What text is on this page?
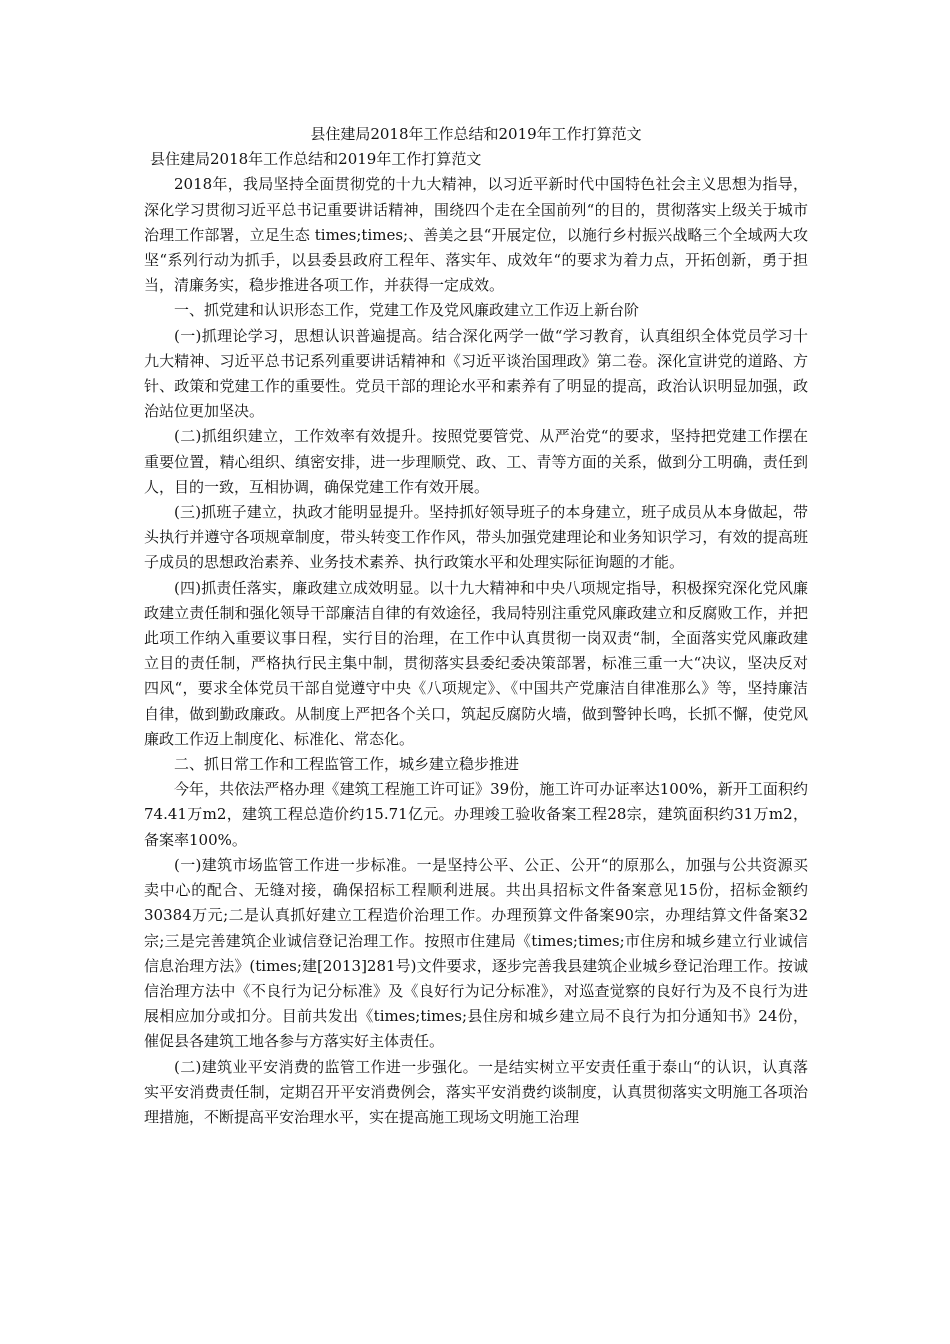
县住建局2018年工作总结和2019年工作打算范文

县住建局2018年工作总结和2019年工作打算范文

2018年，我局坚持全面贯彻党的十九大精神，以习近平新时代中国特色社会主义思想为指导，深化学习贯彻习近平总书记重要讲话精神，围绕四个走在全国前列“的目的，贯彻落实上级关于城市治理工作部署，立足生态 times;times;、善美之县“开展定位，以施行乡村振兴战略三个全域两大攻坚“系列行动为抓手，以县委县政府工程年、落实年、成效年“的要求为着力点，开拓创新，勇于担当，清廉务实，稳步推进各项工作，并获得一定成效。

一、抓党建和认识形态工作，党建工作及党风廉政建立工作迈上新台阶

(一)抓理论学习，思想认识普遍提高。结合深化两学一做“学习教育，认真组织全体党员学习十九大精神、习近平总书记系列重要讲话精神和《习近平谈治国理政》第二卷。深化宣讲党的道路、方针、政策和党建工作的重要性。党员干部的理论水平和素养有了明显的提高，政治认识明显加强，政治站位更加坚决。

(二)抓组织建立，工作效率有效提升。按照党要管党、从严治党“的要求，坚持把党建工作摆在重要位置，精心组织、缜密安排，进一步理顺党、政、工、青等方面的关系，做到分工明确，责任到人，目的一致，互相协调，确保党建工作有效开展。

(三)抓班子建立，执政才能明显提升。坚持抓好领导班子的本身建立，班子成员从本身做起，带头执行并遵守各项规章制度，带头转变工作作风，带头加强党建理论和业务知识学习，有效的提高班子成员的思想政治素养、业务技术素养、执行政策水平和处理实际征询题的才能。

(四)抓责任落实，廉政建立成效明显。以十九大精神和中央八项规定指导，积极探究深化党风廉政建立责任制和强化领导干部廉洁自律的有效途径，我局特别注重党风廉政建立和反腐败工作，并把此项工作纳入重要议事日程，实行目的治理，在工作中认真贯彻一岗双责“制，全面落实党风廉政建立目的责任制，严格执行民主集中制，贯彻落实县委纪委决策部署，标准三重一大“决议，坚决反对四风“，要求全体党员干部自觉遵守中央《八项规定》、《中国共产党廉洁自律准那么》等，坚持廉洁自律，做到勤政廉政。从制度上严把各个关口，筑起反腐防火墙，做到警钟长鸣，长抓不懈，使党风廉政工作迈上制度化、标准化、常态化。

二、抓日常工作和工程监管工作，城乡建立稳步推进

今年，共依法严格办理《建筑工程施工许可证》39份，施工许可办证率达100%，新开工面积约74.41万m2，建筑工程总造价约15.71亿元。办理竣工验收备案工程28宗，建筑面积约31万m2，备案率100%。

(一)建筑市场监管工作进一步标准。一是坚持公平、公正、公开“的原那么，加强与公共资源买卖中心的配合、无缝对接，确保招标工程顺利进展。共出具招标文件备案意见15份，招标金额约30384万元;二是认真抓好建立工程造价治理工作。办理预算文件备案90宗，办理结算文件备案32宗;三是完善建筑企业诚信登记治理工作。按照市住建局《times;times;市住房和城乡建立行业诚信信息治理方法》(times;建[2013]281号)文件要求，逐步完善我县建筑企业城乡登记治理工作。按诚信治理方法中《不良行为记分标准》及《良好行为记分标准》，对巡查觉察的良好行为及不良行为进展相应加分或扣分。目前共发出《times;times;县住房和城乡建立局不良行为扣分通知书》24份，催促县各建筑工地各参与方落实好主体责任。

(二)建筑业平安消费的监管工作进一步强化。一是结实树立平安责任重于泰山“的认识，认真落实平安消费责任制，定期召开平安消费例会，落实平安消费约谈制度，认真贯彻落实文明施工各项治理措施，不断提高平安治理水平，实在提高施工现场文明施工治理
